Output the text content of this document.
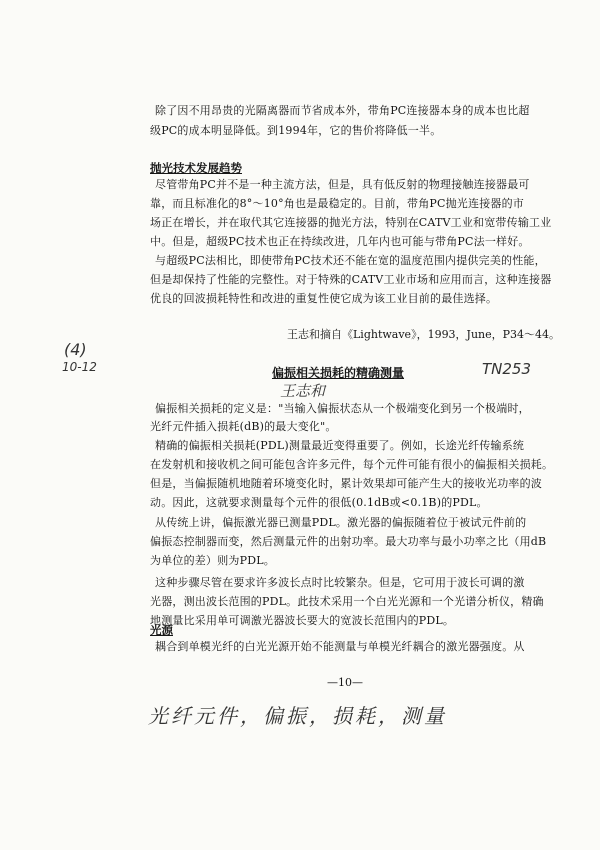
除了因不用昂贵的光隔离器而节省成本外，带角PC连接器本身的成本也比超
级PC的成本明显降低。到1994年，它的售价将降低一半。
抛光技术发展趋势
尽管带角PC并不是一种主流方法，但是，具有低反射的物理接触连接器最可
靠，而且标准化的8°～10°角也是最稳定的。目前，带角PC抛光连接器的市
场正在增长，并在取代其它连接器的抛光方法，特别在CATV工业和宽带传输工业
中。但是，超级PC技术也正在持续改进，几年内也可能与带角PC法一样好。
与超级PC法相比，即使带角PC技术还不能在宽的温度范围内提供完美的性能，
但是却保持了性能的完整性。对于特殊的CATV工业市场和应用而言，这种连接器
优良的回波损耗特性和改进的重复性使它成为该工业目前的最佳选择。
王志和摘自《Lightwave》，1993，June，P34～44。
(4)
10-12	TN253
偏振相关损耗的精确测量
王志和
偏振相关损耗的定义是："当输入偏振状态从一个极端变化到另一个极端时，
光纤元件插入损耗(dB)的最大变化"。
精确的偏振相关损耗(PDL)测量最近变得重要了。例如，长途光纤传输系统
在发射机和接收机之间可能包含许多元件，每个元件可能有很小的偏振相关损耗。
但是，当偏振随机地随着环境变化时，累计效果却可能产生大的接收光功率的波
动。因此，这就要求测量每个元件的很低(0.1dB或<0.1B)的PDL。
从传统上讲，偏振激光器已测量PDL。激光器的偏振随着位于被试元件前的
偏振态控制器而变，然后测量元件的出射功率。最大功率与最小功率之比（用dB
为单位的差）则为PDL。
这种步骤尽管在要求许多波长点时比较繁杂。但是，它可用于波长可调的激
光器，测出波长范围的PDL。此技术采用一个白光光源和一个光谱分析仪，精确
地测量比采用单可调激光器波长要大的宽波长范围内的PDL。
光源
耦合到单模光纤的白光光源开始不能测量与单模光纤耦合的激光器强度。从
—10—
光纤元件，偏振，损耗，测量
